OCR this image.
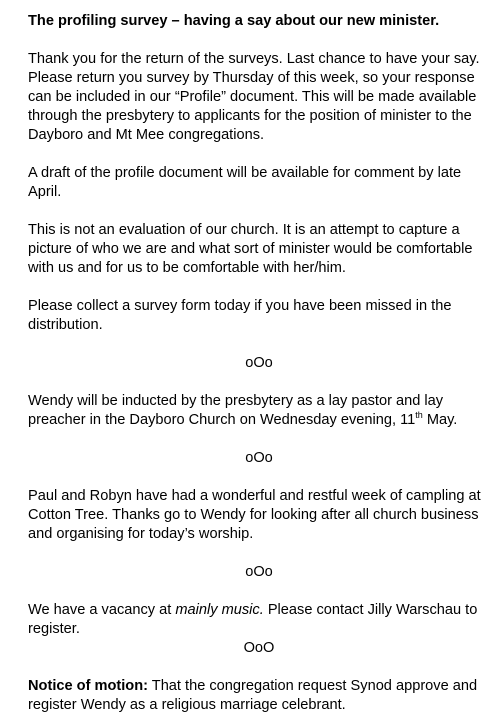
The profiling survey – having a say about our new minister.

Thank you for the return of the surveys. Last chance to have your say. Please return you survey by Thursday of this week, so your response can be included in our “Profile” document. This will be made available through the presbytery to applicants for the position of minister to the Dayboro and Mt Mee congregations.

A draft of the profile document will be available for comment by late April.

This is not an evaluation of our church. It is an attempt to capture a picture of who we are and what sort of minister would be comfortable with us and for us to be comfortable with her/him.

Please collect a survey form today if you have been missed in the distribution.

oOo

Wendy will be inducted by the presbytery as a lay pastor and lay preacher in the Dayboro Church on Wednesday evening, 11th May.

oOo

Paul and Robyn have had a wonderful and restful week of campling at Cotton Tree. Thanks go to Wendy for looking after all church business and organising for today’s worship.

oOo

We have a vacancy at mainly music. Please contact Jilly Warschau to register.

OoO

Notice of motion: That the congregation request Synod approve and register Wendy as a religious marriage celebrant.
